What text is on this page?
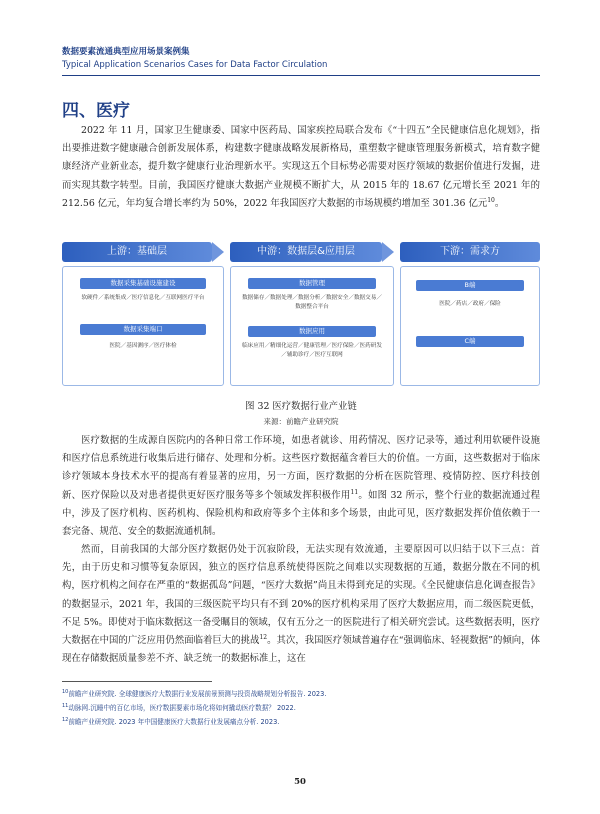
数据要素流通典型应用场景案例集
Typical Application Scenarios Cases for Data Factor Circulation
四、医疗
2022 年 11 月，国家卫生健康委、国家中医药局、国家疾控局联合发布《“十四五”全民健康信息化规划》，指出要推进数字健康融合创新发展体系，构建数字健康战略发展新格局，重塑数字健康管理服务新模式，培育数字健康经济产业新业态，提升数字健康行业治理新水平。实现这五个目标势必需要对医疗领域的数据价值进行发掘，进而实现其数字转型。目前，我国医疗健康大数据产业规模不断扩大，从 2015 年的 18.67 亿元增长至 2021 年的 212.56 亿元，年均复合增长率约为 50%，2022 年我国医疗大数据的市场规模约增加至 301.36 亿元$^{10}$。
上游：基础层
数据采集基础设施建设
软硬件／系统集成／医疗信息化／互联网医疗平台
数据采集端口
医院／基因测序／医疗体检
中游：数据层&应用层
数据管理
数据储存／数据处理／数据分析／数据安全／数据交易／数据整合平台
数据应用
临床应用／精细化运营／健康管理／医疗保险／医药研发／辅助诊疗／医疗互联网
下游：需求方
B端
医院／药店／政府／保险
C端
图 32 医疗数据行业产业链
来源：前瞻产业研究院
医疗数据的生成源自医院内的各种日常工作环境，如患者就诊、用药情况、医疗记录等，通过利用软硬件设施和医疗信息系统进行收集后进行储存、处理和分析。这些医疗数据蕴含着巨大的价值。一方面，这些数据对于临床诊疗领域本身技术水平的提高有着显著的应用，另一方面，医疗数据的分析在医院管理、疫情防控、医疗科技创新、医疗保险以及对患者提供更好医疗服务等多个领域发挥积极作用$^{11}$。如图 32 所示，整个行业的数据流通过程中，涉及了医疗机构、医药机构、保险机构和政府等多个主体和多个场景，由此可见，医疗数据发挥价值依赖于一套完备、规范、安全的数据流通机制。
然而，目前我国的大部分医疗数据仍处于沉寂阶段，无法实现有效流通，主要原因可以归结于以下三点：首先，由于历史和习惯等复杂原因，独立的医疗信息系统使得医院之间难以实现数据的互通，数据分散在不同的机构，医疗机构之间存在严重的“数据孤岛”问题，“医疗大数据”尚且未得到充足的实现。《全民健康信息化调查报告》的数据显示，2021 年，我国的三级医院平均只有不到 20%的医疗机构采用了医疗大数据应用，而二级医院更低，不足 5%。即使对于临床数据这一备受瞩目的领域，仅有五分之一的医院进行了相关研究尝试。这些数据表明，医疗大数据在中国的广泛应用仍然面临着巨大的挑战$^{12}$。其次，我国医疗领域普遍存在“强调临床、轻视数据”的倾向，体现在存储数据质量参差不齐、缺乏统一的数据标准上，这在
$^{10}$前瞻产业研究院. 全球健康医疗大数据行业发展前景预测与投资战略规划分析报告. 2023.
$^{11}$动脉网.沉睡中的百亿市场，医疗数据要素市场化将如何撬动医疗数据？ 2022.
$^{12}$前瞻产业研究院. 2023 年中国健康医疗大数据行业发展痛点分析. 2023.
50
